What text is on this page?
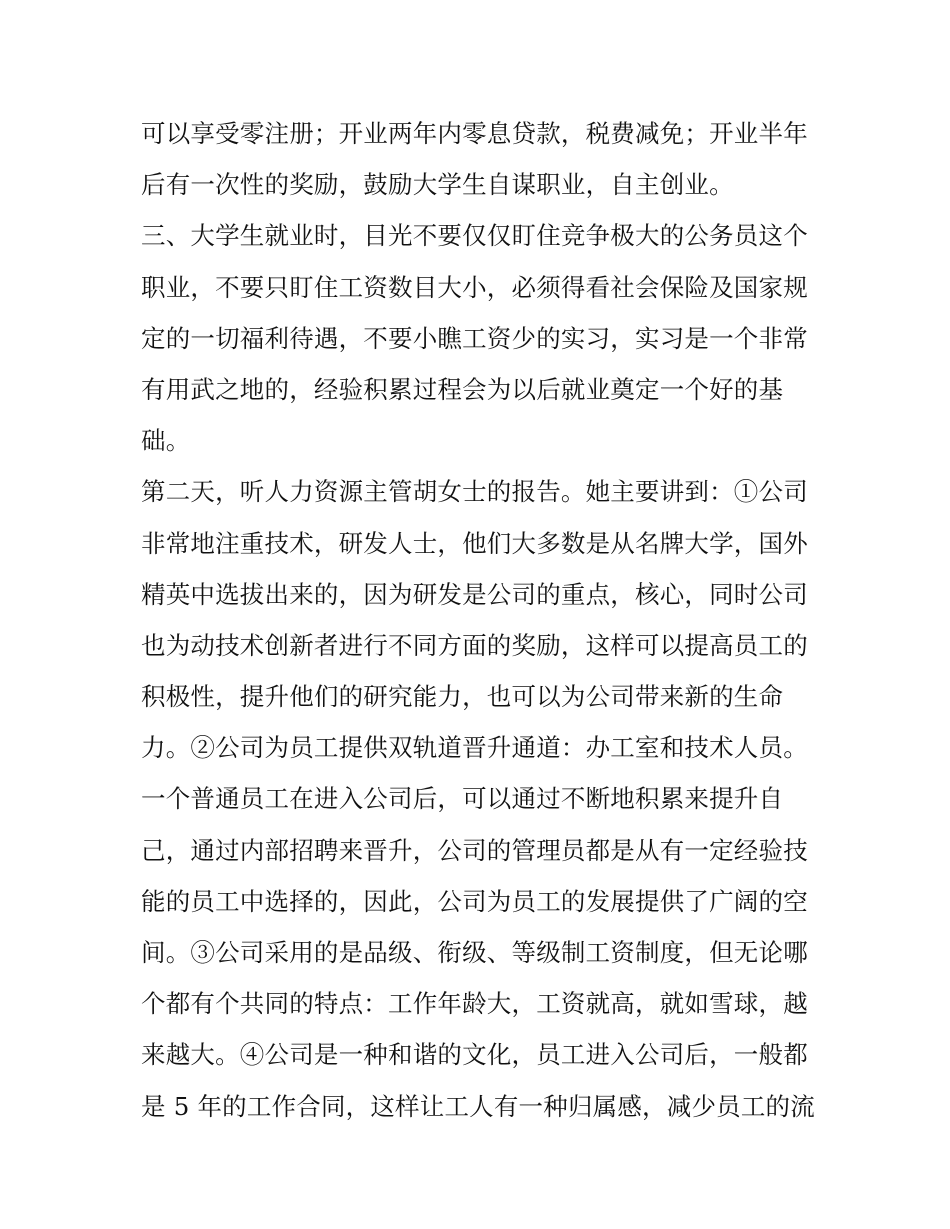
可以享受零注册；开业两年内零息贷款，税费减免；开业半年
后有一次性的奖励，鼓励大学生自谋职业，自主创业。
三、大学生就业时，目光不要仅仅盯住竞争极大的公务员这个
职业，不要只盯住工资数目大小，必须得看社会保险及国家规
定的一切福利待遇，不要小瞧工资少的实习，实习是一个非常
有用武之地的，经验积累过程会为以后就业奠定一个好的基
础。
第二天，听人力资源主管胡女士的报告。她主要讲到：①公司
非常地注重技术，研发人士，他们大多数是从名牌大学，国外
精英中选拔出来的，因为研发是公司的重点，核心，同时公司
也为动技术创新者进行不同方面的奖励，这样可以提高员工的
积极性，提升他们的研究能力，也可以为公司带来新的生命
力。②公司为员工提供双轨道晋升通道：办工室和技术人员。
一个普通员工在进入公司后，可以通过不断地积累来提升自
己，通过内部招聘来晋升，公司的管理员都是从有一定经验技
能的员工中选择的，因此，公司为员工的发展提供了广阔的空
间。③公司采用的是品级、衔级、等级制工资制度，但无论哪
个都有个共同的特点：工作年龄大，工资就高，就如雪球，越
来越大。④公司是一种和谐的文化，员工进入公司后，一般都
是 5 年的工作合同，这样让工人有一种归属感，减少员工的流
